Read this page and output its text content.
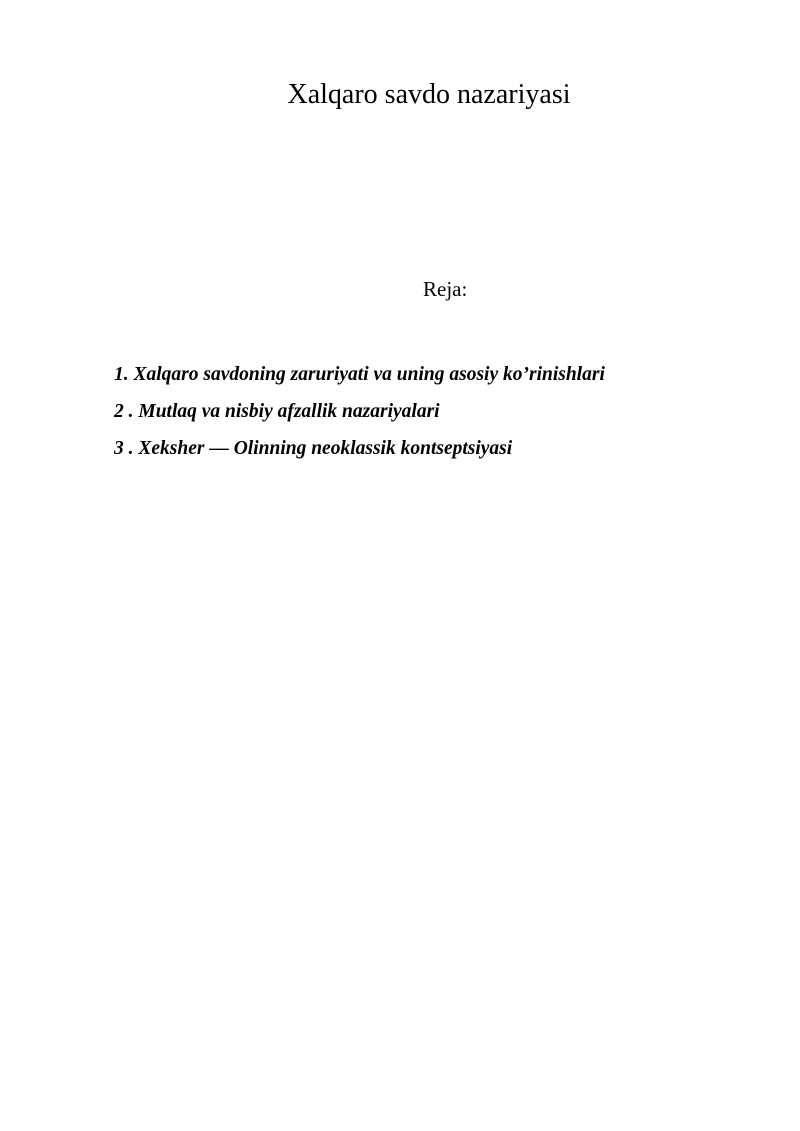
Xalqaro savdo nazariyasi
Reja:
1. Xalqaro savdoning zaruriyati va uning asosiy ko’rinishlari
2 . Mutlaq va nisbiy afzallik nazariyalari
3 . Xeksher — Olinning neoklassik kontseptsiyasi
